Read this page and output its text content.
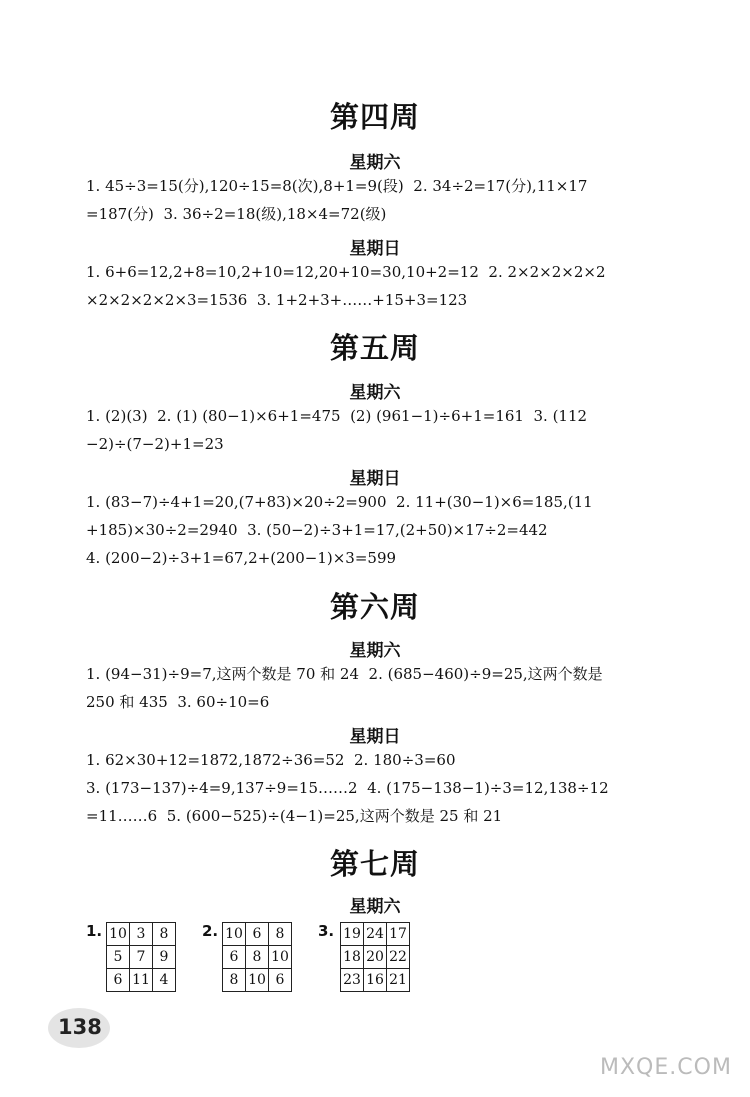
第四周
星期六
1. 45÷3=15(分),120÷15=8(次),8+1=9(段)  2. 34÷2=17(分),11×17
=187(分)  3. 36÷2=18(级),18×4=72(级)
星期日
1. 6+6=12,2+8=10,2+10=12,20+10=30,10+2=12  2. 2×2×2×2×2
×2×2×2×2×3=1536  3. 1+2+3+……+15+3=123
第五周
星期六
1. (2)(3)  2. (1) (80−1)×6+1=475  (2) (961−1)÷6+1=161  3. (112
−2)÷(7−2)+1=23
星期日
1. (83−7)÷4+1=20,(7+83)×20÷2=900  2. 11+(30−1)×6=185,(11
+185)×30÷2=2940  3. (50−2)÷3+1=17,(2+50)×17÷2=442
4. (200−2)÷3+1=67,2+(200−1)×3=599
第六周
星期六
1. (94−31)÷9=7,这两个数是 70 和 24  2. (685−460)÷9=25,这两个数是
250 和 435  3. 60÷10=6
星期日
1. 62×30+12=1872,1872÷36=52  2. 180÷3=60
3. (173−137)÷4=9,137÷9=15……2  4. (175−138−1)÷3=12,138÷12
=11……6  5. (600−525)÷(4−1)=25,这两个数是 25 和 21
第七周
星期六
1. 10	3	8
5	7	9
6	11	4
2. 10	6	8
6	8	10
8	10	6
3. 19	24	17
18	20	22
23	16	21
138
MXQE.COM
